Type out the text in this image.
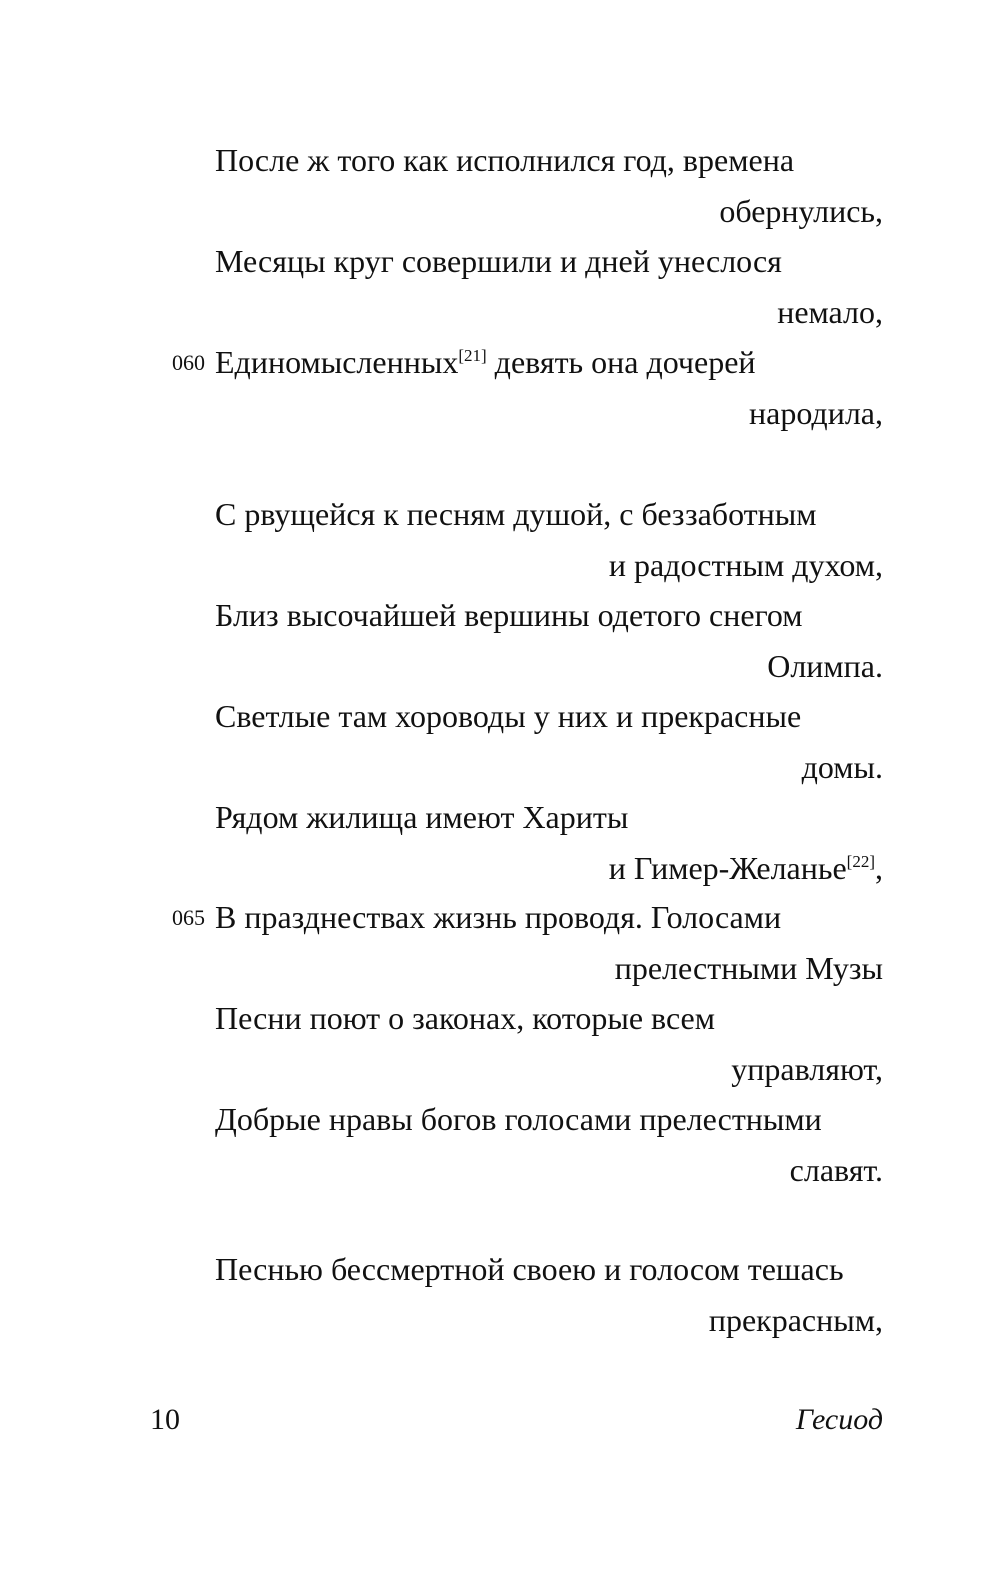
После ж того как исполнился год, времена
обернулись,
Месяцы круг совершили и дней унеслося
немало,
060 Единомысленных[21] девять она дочерей
народила,
С рвущейся к песням душой, с беззаботным
и радостным духом,
Близ высочайшей вершины одетого снегом
Олимпа.
Светлые там хороводы у них и прекрасные
домы.
Рядом жилища имеют Хариты
и Гимер-Желанье[22],
065 В празднествах жизнь проводя. Голосами
прелестными Музы
Песни поют о законах, которые всем
управляют,
Добрые нравы богов голосами прелестными
славят.
Песнью бессмертной своею и голосом тешась
прекрасным,
10	Гесиод
